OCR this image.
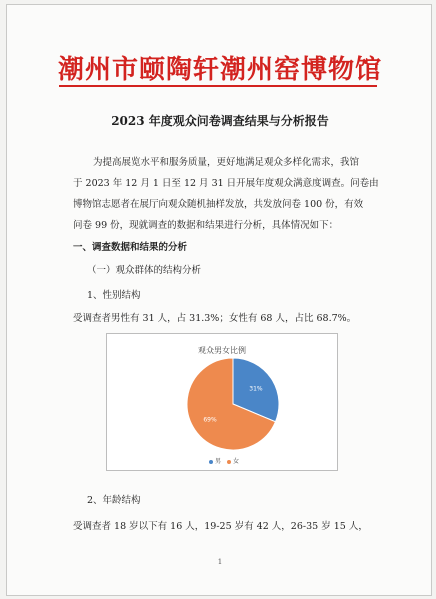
潮州市颐陶轩潮州窑博物馆
2023 年度观众问卷调查结果与分析报告
为提高展览水平和服务质量，更好地满足观众多样化需求，我馆
于 2023 年 12 月 1 日至 12 月 31 日开展年度观众满意度调查。问卷由
博物馆志愿者在展厅向观众随机抽样发放，共发放问卷 100 份，有效
问卷 99 份，现就调查的数据和结果进行分析，具体情况如下：
一、调查数据和结果的分析
（一）观众群体的结构分析
1、性别结构
受调查者男性有 31 人，占 31.3%；女性有 68 人，占比 68.7%。
观众男女比例
31%
69%
男 女
2、年龄结构
受调查者 18 岁以下有 16 人，19-25 岁有 42 人，26-35 岁 15 人，
1
